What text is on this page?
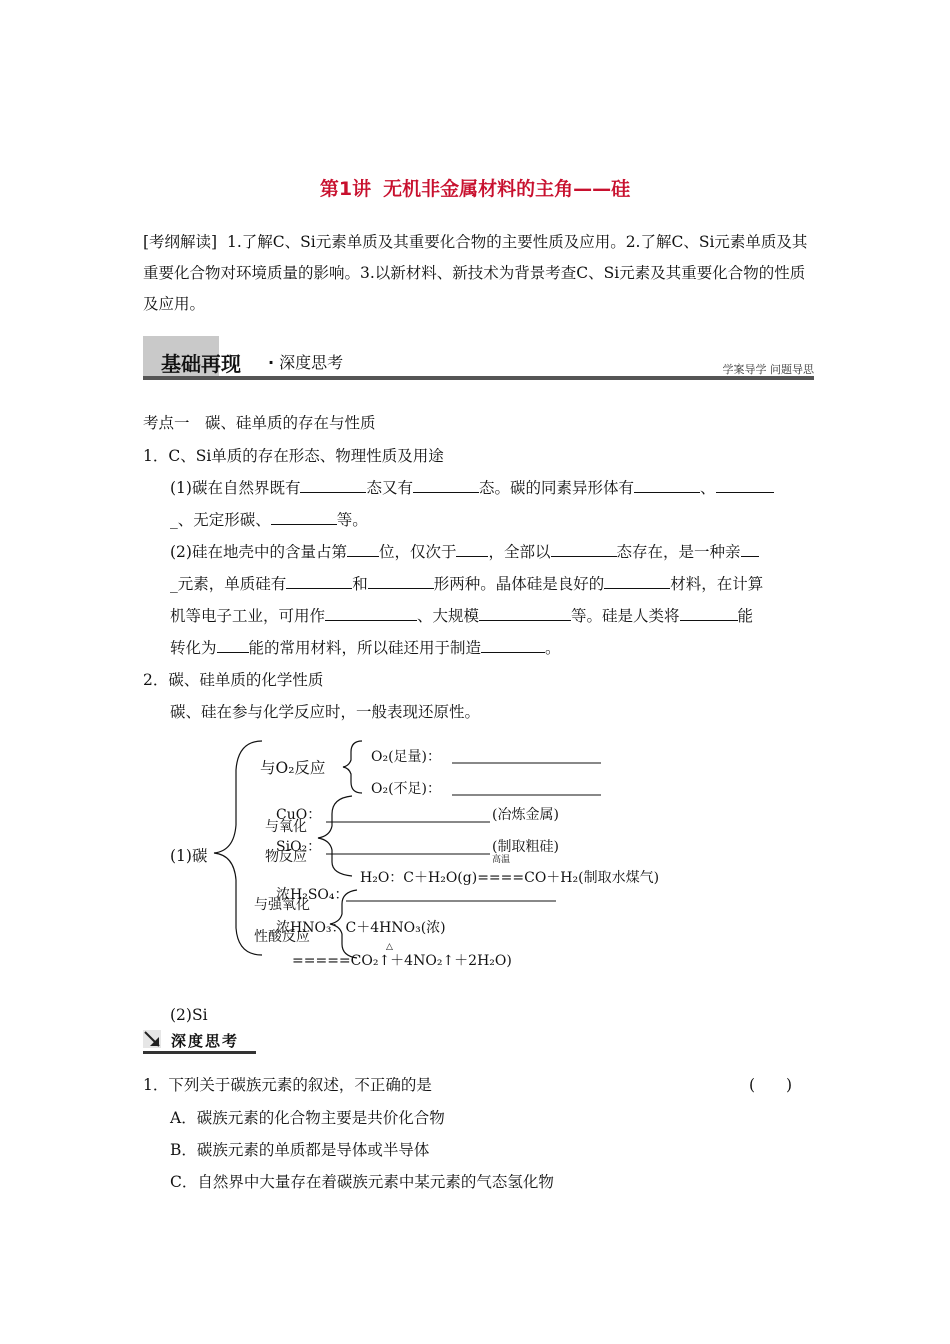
第1讲 无机非金属材料的主角——硅
[考纲解读] 1.了解C、Si元素单质及其重要化合物的主要性质及应用。2.了解C、Si元素单质及其重要化合物对环境质量的影响。3.以新材料、新技术为背景考查C、Si元素及其重要化合物的性质及应用。
基础再现 · 深度思考	学案导学 问题导思
考点一　碳、硅单质的存在与性质
1．C、Si单质的存在形态、物理性质及用途
(1)碳在自然界既有	态又有	态。碳的同素异形体有	、
_、无定形碳、	等。
(2)硅在地壳中的含量占第 位，仅次于 ，全部以	态存在，是一种亲
_元素，单质硅有	和	形两种。晶体硅是良好的	材料，在计算
机等电子工业，可用作	、大规模	等。硅是人类将	能
转化为 能的常用材料，所以硅还用于制造	。
2．碳、硅单质的化学性质
碳、硅在参与化学反应时，一般表现还原性。
(1)碳
与O₂反应
O₂(足量)：
O₂(不足)：
与氧化
物反应
CuO：	(冶炼金属)
SiO₂：	(制取粗硅)
高温
H₂O：C＋H₂O(g)====CO＋H₂(制取水煤气)
与强氧化
性酸反应
浓H₂SO₄：
浓HNO₃：C＋4HNO₃(浓)
△
=====CO₂↑＋4NO₂↑＋2H₂O)
(2)Si
深度思考
1．下列关于碳族元素的叙述，不正确的是	(　　)
A．碳族元素的化合物主要是共价化合物
B．碳族元素的单质都是导体或半导体
C．自然界中大量存在着碳族元素中某元素的气态氢化物
